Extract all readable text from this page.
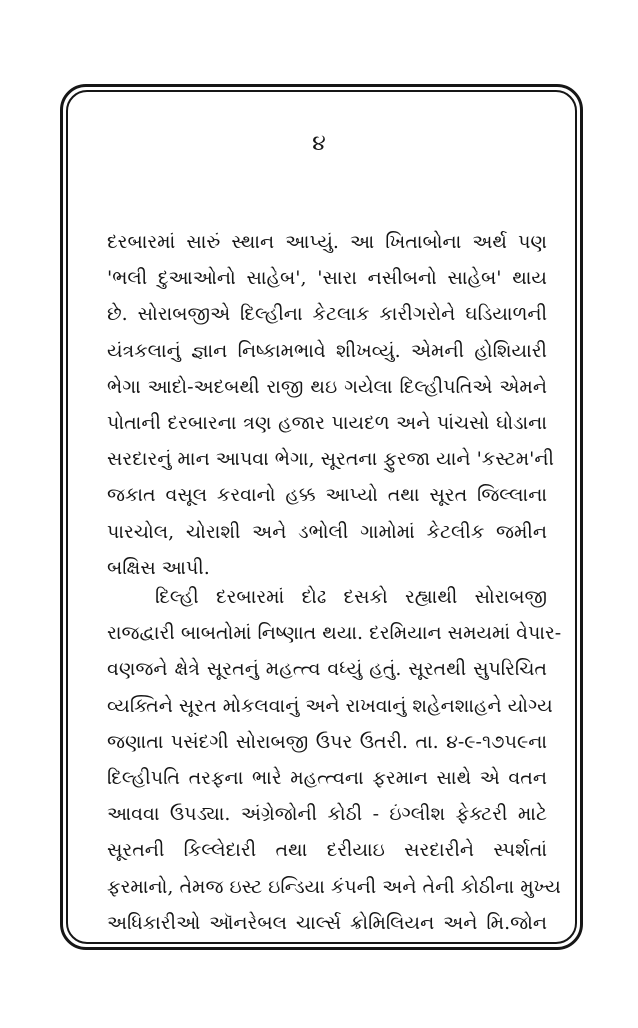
૪
દરબારમાં સારું સ્થાન આપ્યું. આ ખિતાબોના અર્થ પણ
'ભલી દુઆઓનો સાહેબ', 'સારા નસીબનો સાહેબ' થાય
છે. સોરાબજીએ દિલ્હીના કેટલાક કારીગરોને ઘડિયાળની
યંત્રકલાનું જ્ઞાન નિષ્કામભાવે શીખવ્યું. એમની હોશિયારી
ભેગા આદો-અદબથી રાજી થઇ ગયેલા દિલ્હીપતિએ એમને
પોતાની દરબારના ત્રણ હજાર પાયદળ અને પાંચસો ઘોડાના
સરદારનું માન આપવા ભેગા, સૂરતના ફુરજા યાને 'કસ્ટમ'ની
જકાત વસૂલ કરવાનો હક્ક આપ્યો તથા સૂરત જિલ્લાના
પારચોલ, ચોરાશી અને ડભોલી ગામોમાં કેટલીક જમીન
બક્ષિસ આપી.
દિલ્હી દરબારમાં દોઢ દસકો રહ્યાથી સોરાબજી
રાજદ્વારી બાબતોમાં નિષ્ણાત થયા. દરમિયાન સમયમાં વેપાર-
વણજને ક્ષેત્રે સૂરતનું મહત્ત્વ વધ્યું હતું. સૂરતથી સુપરિચિત
વ્યક્તિને સૂરત મોકલવાનું અને રાખવાનું શહેનશાહને યોગ્ય
જણાતા પસંદગી સોરાબજી ઉપર ઉતરી. તા. ૪-૯-૧૭૫૯ના
દિલ્હીપતિ તરફના ભારે મહત્ત્વના ફરમાન સાથે એ વતન
આવવા ઉપડ્યા. અંગ્રેજોની કોઠી - ઇંગ્લીશ ફેક્ટરી માટે
સૂરતની કિલ્લેદારી તથા દરીયાઇ સરદારીને સ્પર્શતાં
ફરમાનો, તેમજ ઇસ્ટ ઇન્ડિયા કંપની અને તેની કોઠીના મુખ્ય
અધિકારીઓ ઑનરેબલ ચાર્લ્સ ક્રોમિલિયન અને મિ.જોન
